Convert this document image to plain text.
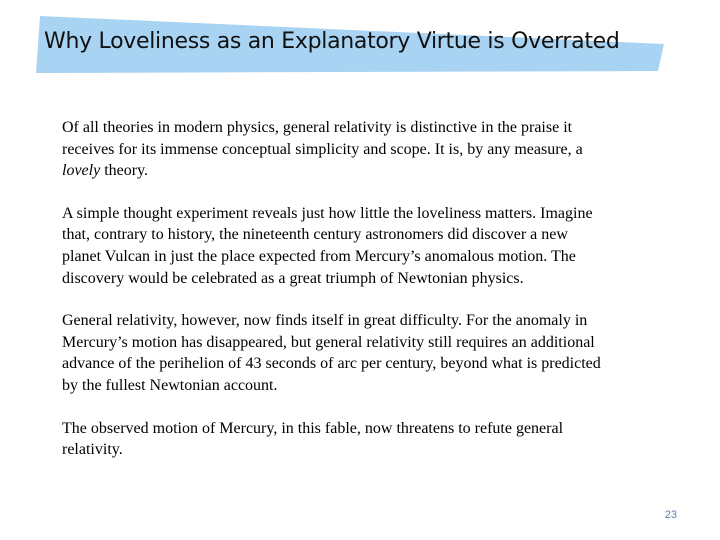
Why Loveliness as an Explanatory Virtue is Overrated

Of all theories in modern physics, general relativity is distinctive in the praise it receives for its immense conceptual simplicity and scope. It is, by any measure, a lovely theory.

A simple thought experiment reveals just how little the loveliness matters. Imagine that, contrary to history, the nineteenth century astronomers did discover a new planet Vulcan in just the place expected from Mercury’s anomalous motion. The discovery would be celebrated as a great triumph of Newtonian physics.

General relativity, however, now finds itself in great difficulty. For the anomaly in Mercury’s motion has disappeared, but general relativity still requires an additional advance of the perihelion of 43 seconds of arc per century, beyond what is predicted by the fullest Newtonian account.

The observed motion of Mercury, in this fable, now threatens to refute general relativity.

23
